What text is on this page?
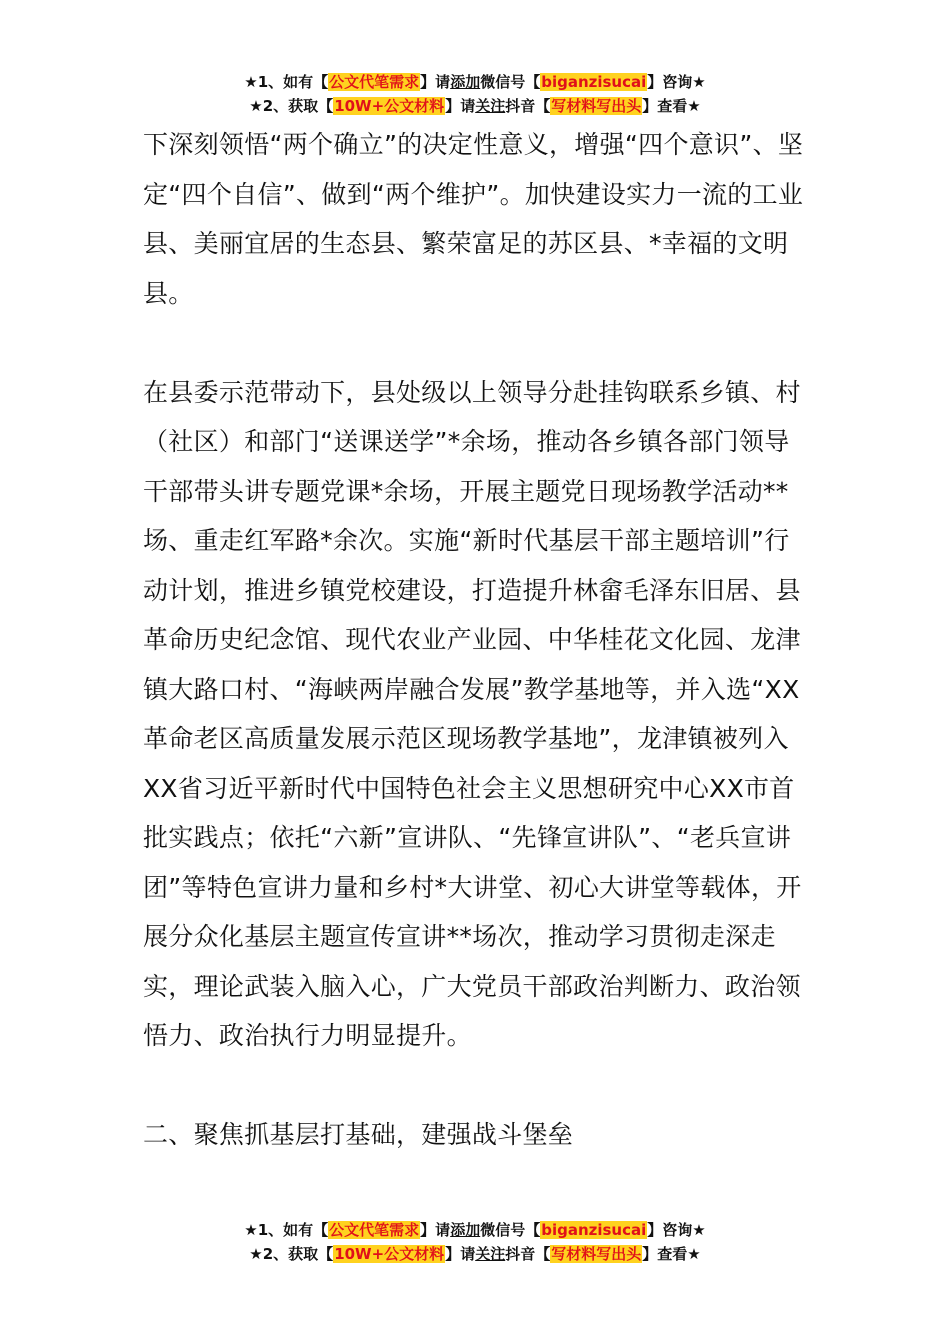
★1、如有【公文代笔需求】请添加微信号【biganzisucai】咨询★
★2、获取【10W+公文材料】请关注抖音【写材料写出头】查看★

下深刻领悟“两个确立”的决定性意义，增强“四个意识”、坚定“四个自信”、做到“两个维护”。加快建设实力一流的工业县、美丽宜居的生态县、繁荣富足的苏区县、*幸福的文明县。

在县委示范带动下，县处级以上领导分赴挂钩联系乡镇、村（社区）和部门“送课送学”*余场，推动各乡镇各部门领导干部带头讲专题党课*余场，开展主题党日现场教学活动**场、重走红军路*余次。实施“新时代基层干部主题培训”行动计划，推进乡镇党校建设，打造提升林畲毛泽东旧居、县革命历史纪念馆、现代农业产业园、中华桂花文化园、龙津镇大路口村、“海峡两岸融合发展”教学基地等，并入选“XX革命老区高质量发展示范区现场教学基地”，龙津镇被列入XX省习近平新时代中国特色社会主义思想研究中心XX市首批实践点；依托“六新”宣讲队、“先锋宣讲队”、“老兵宣讲团”等特色宣讲力量和乡村*大讲堂、初心大讲堂等载体，开展分众化基层主题宣传宣讲**场次，推动学习贯彻走深走实，理论武装入脑入心，广大党员干部政治判断力、政治领悟力、政治执行力明显提升。

二、聚焦抓基层打基础，建强战斗堡垒

★1、如有【公文代笔需求】请添加微信号【biganzisucai】咨询★
★2、获取【10W+公文材料】请关注抖音【写材料写出头】查看★
